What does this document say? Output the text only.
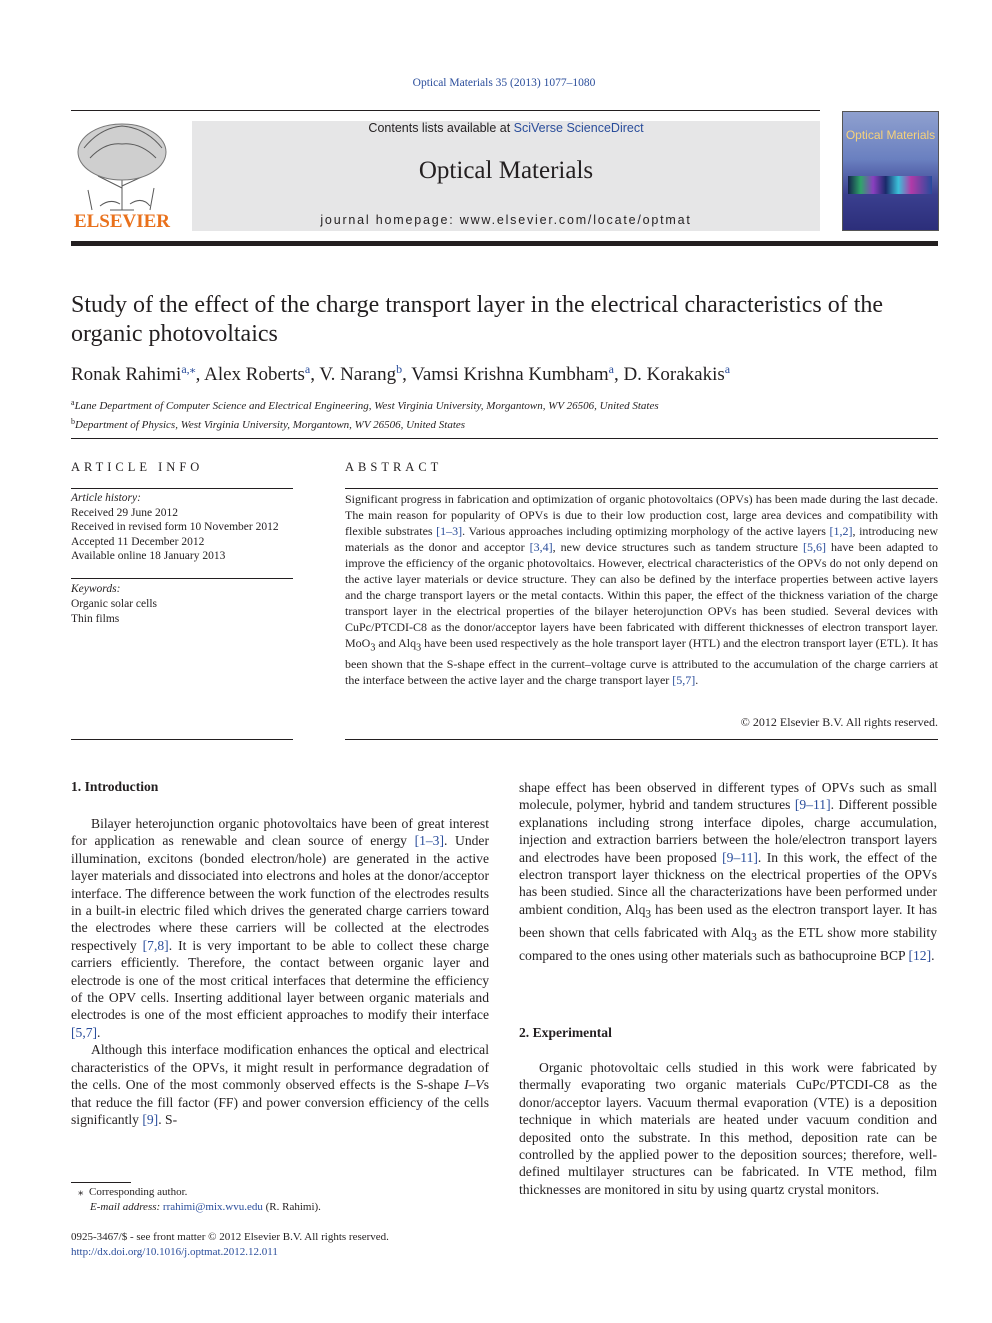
Optical Materials 35 (2013) 1077–1080
ELSEVIER
Contents lists available at SciVerse ScienceDirect
Optical Materials
journal homepage: www.elsevier.com/locate/optmat
Optical Materials
Study of the effect of the charge transport layer in the electrical characteristics of the organic photovoltaics
Ronak Rahimi$^{a,⁎}$, Alex Roberts$^a$, V. Narang$^b$, Vamsi Krishna Kumbham$^a$, D. Korakakis$^a$
$^a$Lane Department of Computer Science and Electrical Engineering, West Virginia University, Morgantown, WV 26506, United States
$^b$Department of Physics, West Virginia University, Morgantown, WV 26506, United States
ARTICLE INFO
Article history:
Received 29 June 2012
Received in revised form 10 November 2012
Accepted 11 December 2012
Available online 18 January 2013
Keywords:
Organic solar cells
Thin films
ABSTRACT
Significant progress in fabrication and optimization of organic photovoltaics (OPVs) has been made during the last decade. The main reason for popularity of OPVs is due to their low production cost, large area devices and compatibility with flexible substrates [1–3]. Various approaches including optimizing morphology of the active layers [1,2], introducing new materials as the donor and acceptor [3,4], new device structures such as tandem structure [5,6] have been adapted to improve the efficiency of the organic photovoltaics. However, electrical characteristics of the OPVs do not only depend on the active layer materials or device structure. They can also be defined by the interface properties between active layers and the charge transport layers or the metal contacts. Within this paper, the effect of the thickness variation of the charge transport layer in the electrical properties of the bilayer heterojunction OPVs has been studied. Several devices with CuPc/PTCDI-C8 as the donor/acceptor layers have been fabricated with different thicknesses of electron transport layer. MoO$_3$ and Alq$_3$ have been used respectively as the hole transport layer (HTL) and the electron transport layer (ETL). It has been shown that the S-shape effect in the current–voltage curve is attributed to the accumulation of the charge carriers at the interface between the active layer and the charge transport layer [5,7].
© 2012 Elsevier B.V. All rights reserved.
1. Introduction

Bilayer heterojunction organic photovoltaics have been of great interest for application as renewable and clean source of energy [1–3]. Under illumination, excitons (bonded electron/hole) are generated in the active layer materials and dissociated into electrons and holes at the donor/acceptor interface. The difference between the work function of the electrodes results in a built-in electric filed which drives the generated charge carriers toward the electrodes where these carriers will be collected at the electrodes respectively [7,8]. It is very important to be able to collect these charge carriers efficiently. Therefore, the contact between organic layer and electrode is one of the most critical interfaces that determine the efficiency of the OPV cells. Inserting additional layer between organic materials and electrodes is one of the most efficient approaches to modify their interface [5,7].

Although this interface modification enhances the optical and electrical characteristics of the OPVs, it might result in performance degradation of the cells. One of the most commonly observed effects is the S-shape I–Vs that reduce the fill factor (FF) and power conversion efficiency of the cells significantly [9]. S-

shape effect has been observed in different types of OPVs such as small molecule, polymer, hybrid and tandem structures [9–11]. Different possible explanations including strong interface dipoles, charge accumulation, injection and extraction barriers between the hole/electron transport layers and electrodes have been proposed [9–11]. In this work, the effect of the electron transport layer thickness on the electrical properties of the OPVs has been studied. Since all the characterizations have been performed under ambient condition, Alq$_3$ has been used as the electron transport layer. It has been shown that cells fabricated with Alq$_3$ as the ETL show more stability compared to the ones using other materials such as bathocuproine BCP [12].

2. Experimental

Organic photovoltaic cells studied in this work were fabricated by thermally evaporating two organic materials CuPc/PTCDI-C8 as the donor/acceptor layers. Vacuum thermal evaporation (VTE) is a deposition technique in which materials are heated under vacuum condition and deposited onto the substrate. In this method, deposition rate can be controlled by the applied power to the deposition sources; therefore, well-defined multilayer structures can be fabricated. In VTE method, film thicknesses are monitored in situ by using quartz crystal monitors.

⁎  Corresponding author.
E-mail address: rrahimi@mix.wvu.edu (R. Rahimi).
0925-3467/$ - see front matter © 2012 Elsevier B.V. All rights reserved.
http://dx.doi.org/10.1016/j.optmat.2012.12.011
